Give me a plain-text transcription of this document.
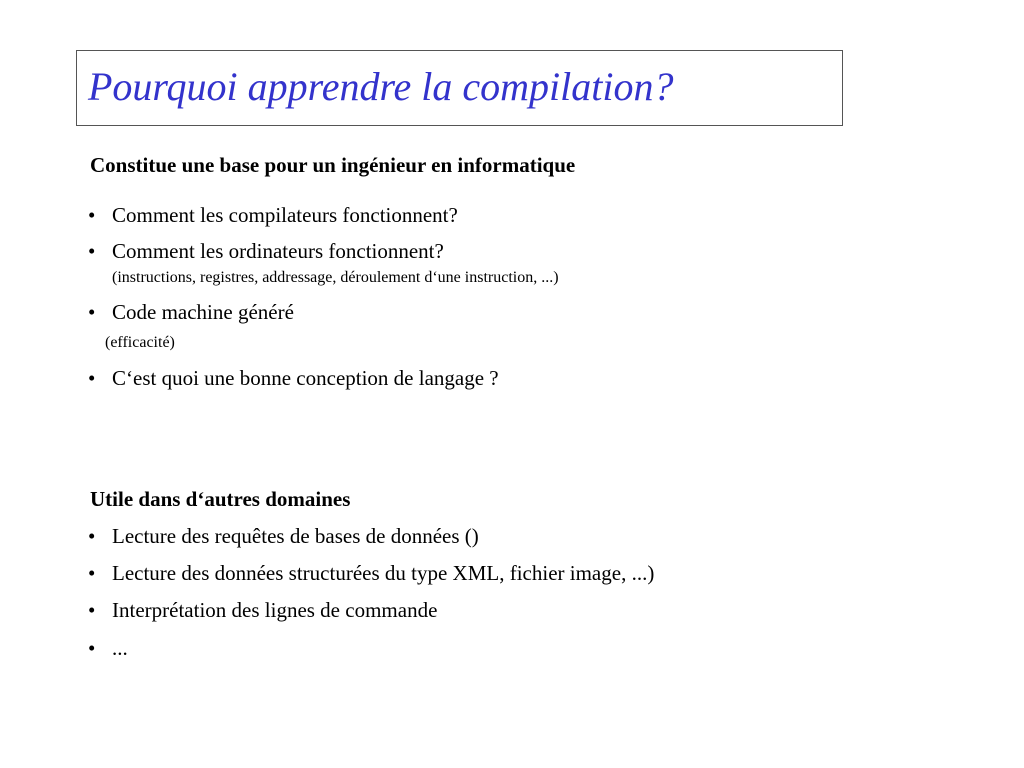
Pourquoi apprendre la compilation?
Constitue une base pour un ingénieur en informatique
• Comment les compilateurs fonctionnent?
• Comment les ordinateurs fonctionnent?
(instructions, registres, addressage, déroulement d‘une instruction, ...)
• Code machine généré
(efficacité)
• C‘est quoi une bonne conception de langage ?
Utile dans d‘autres domaines
• Lecture des requêtes de bases de données ()
• Lecture des données structurées du type XML, fichier image, ...)
• Interprétation des lignes de commande
• ...
